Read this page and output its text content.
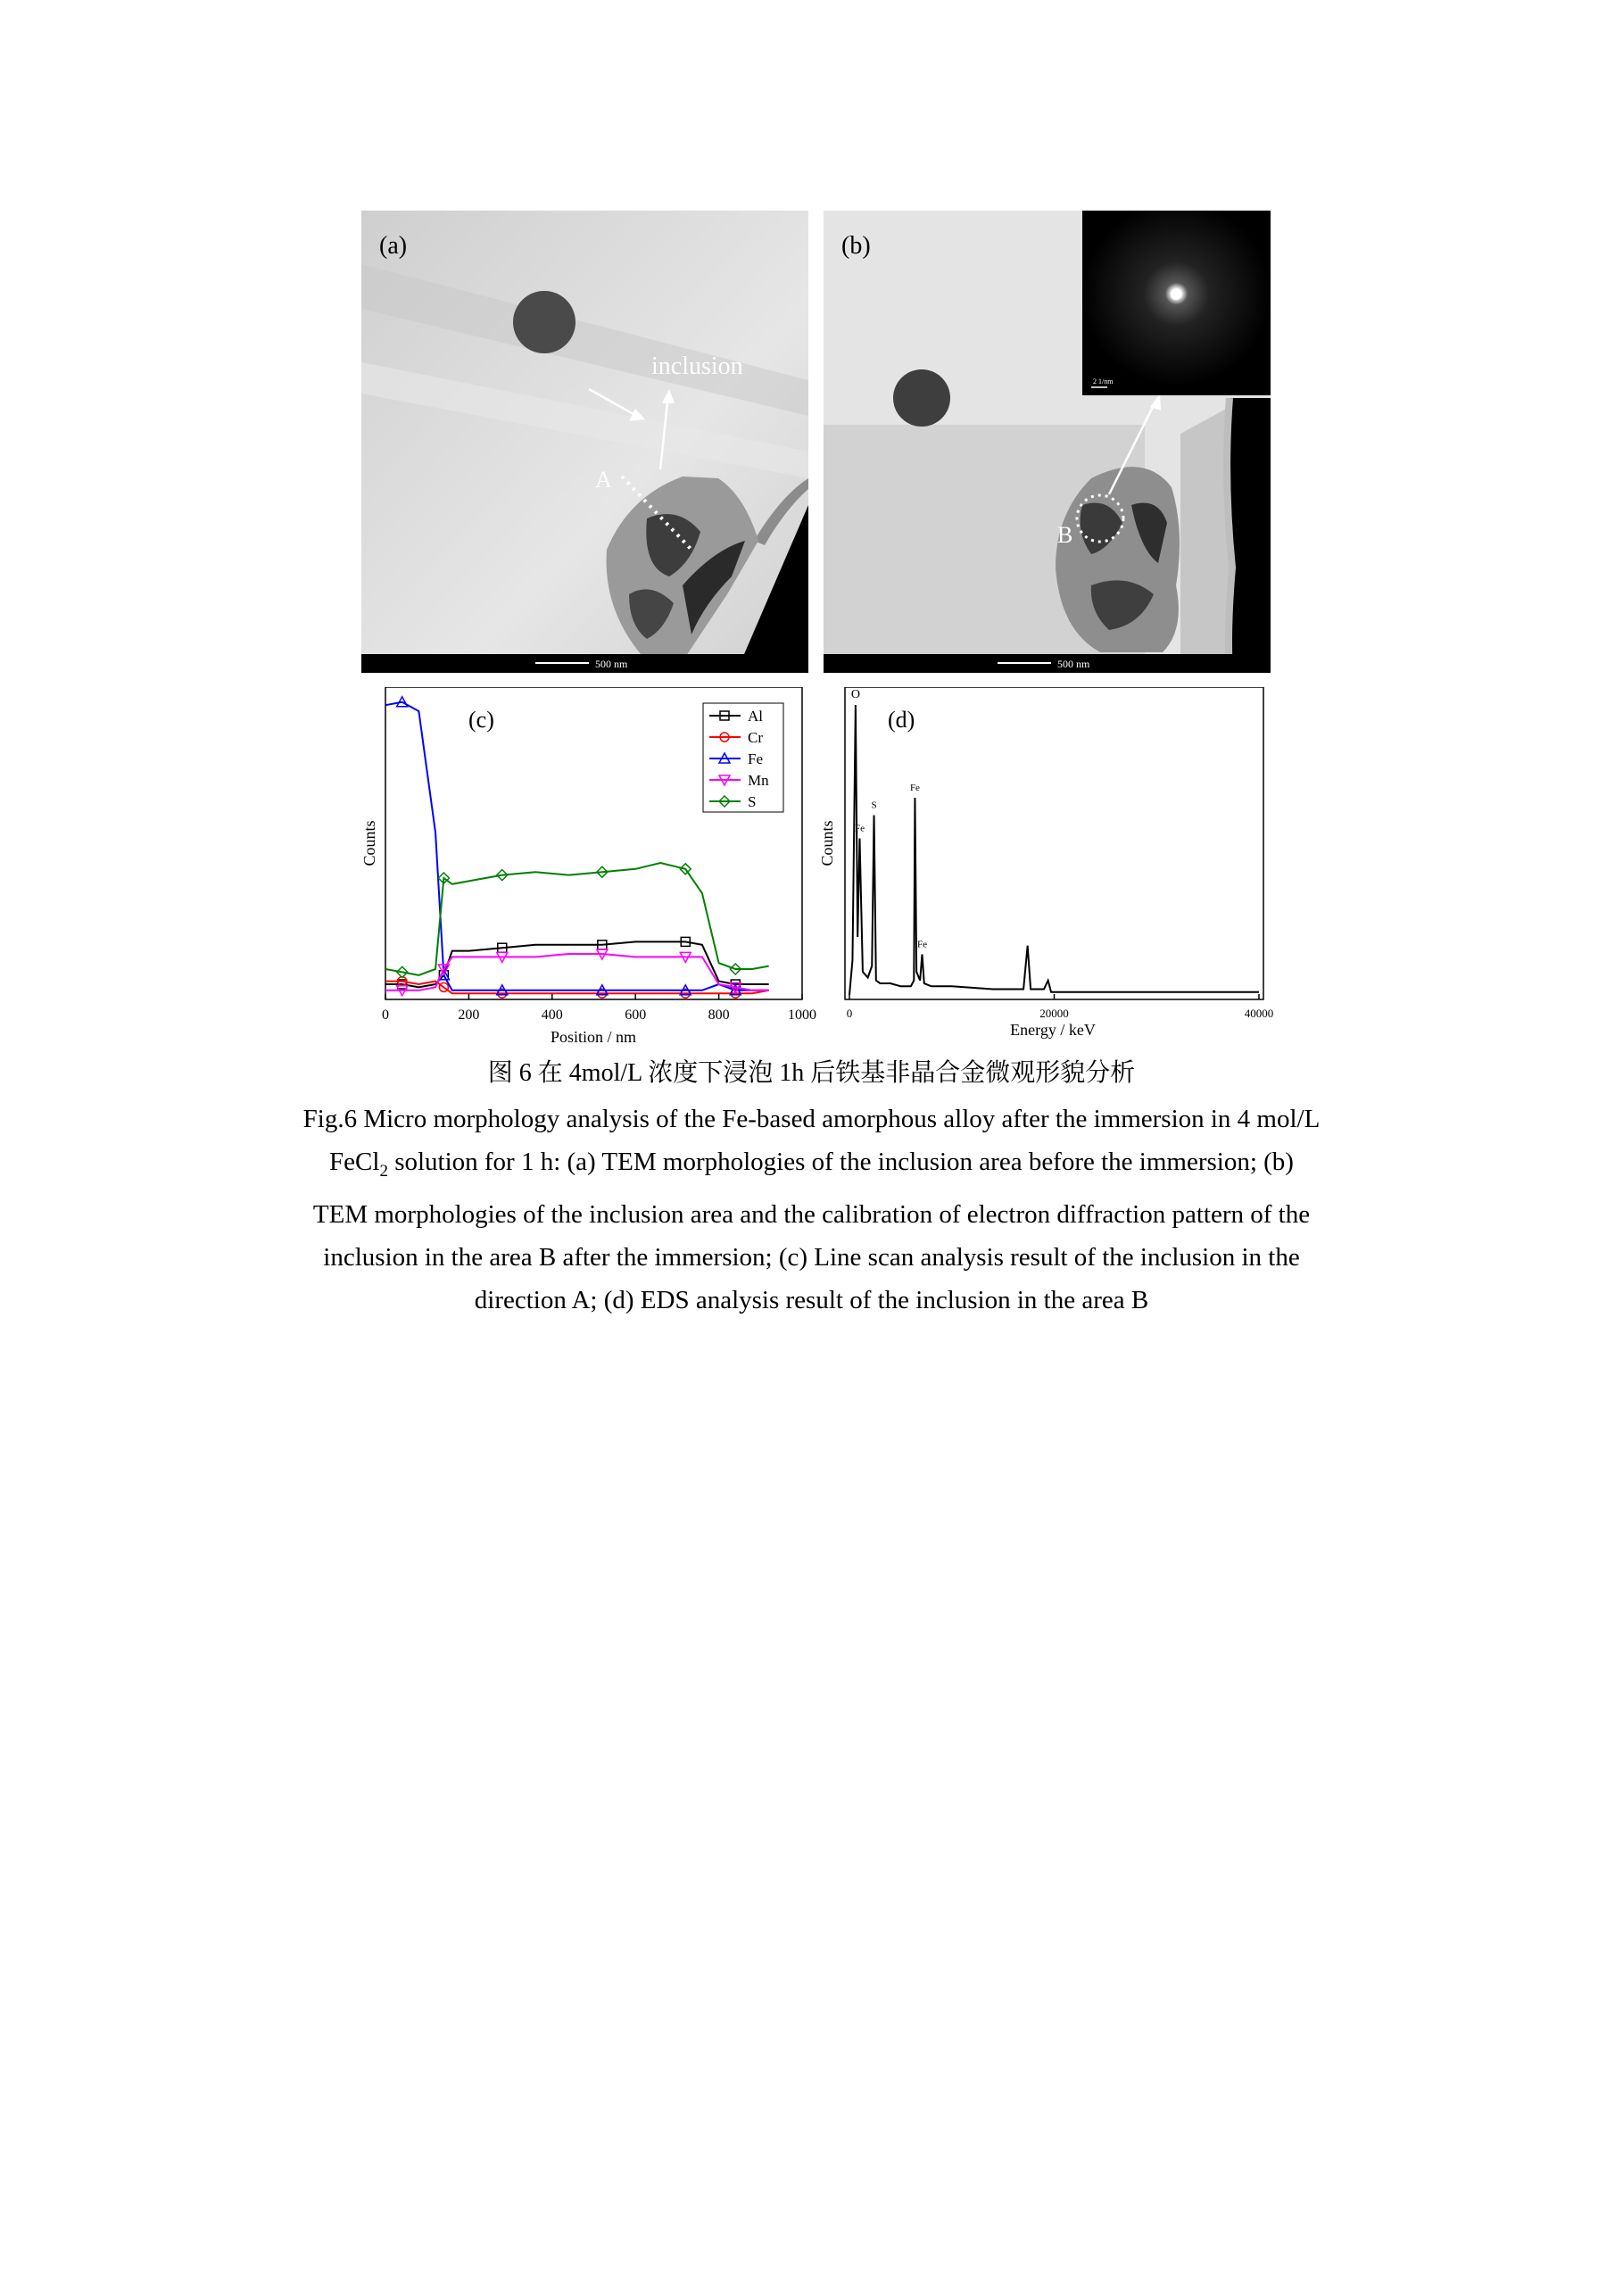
(a)
inclusion
A
500 nm
2 1/nm
(b)
B
500 nm
0	200	400	600	800	1000
(c)
Position / nm
Counts
Al
Cr
Fe
Mn
S
0	20000	40000
O
Fe
S
Fe
Fe
(d)
Energy / keV
Counts
图 6 在 4mol/L 浓度下浸泡 1h 后铁基非晶合金微观形貌分析
Fig.6 Micro morphology analysis of the Fe-based amorphous alloy after the immersion in 4 mol/L
FeCl$_2$ solution for 1 h: (a) TEM morphologies of the inclusion area before the immersion; (b)
TEM morphologies of the inclusion area and the calibration of electron diffraction pattern of the
inclusion in the area B after the immersion; (c) Line scan analysis result of the inclusion in the
direction A; (d) EDS analysis result of the inclusion in the area B
